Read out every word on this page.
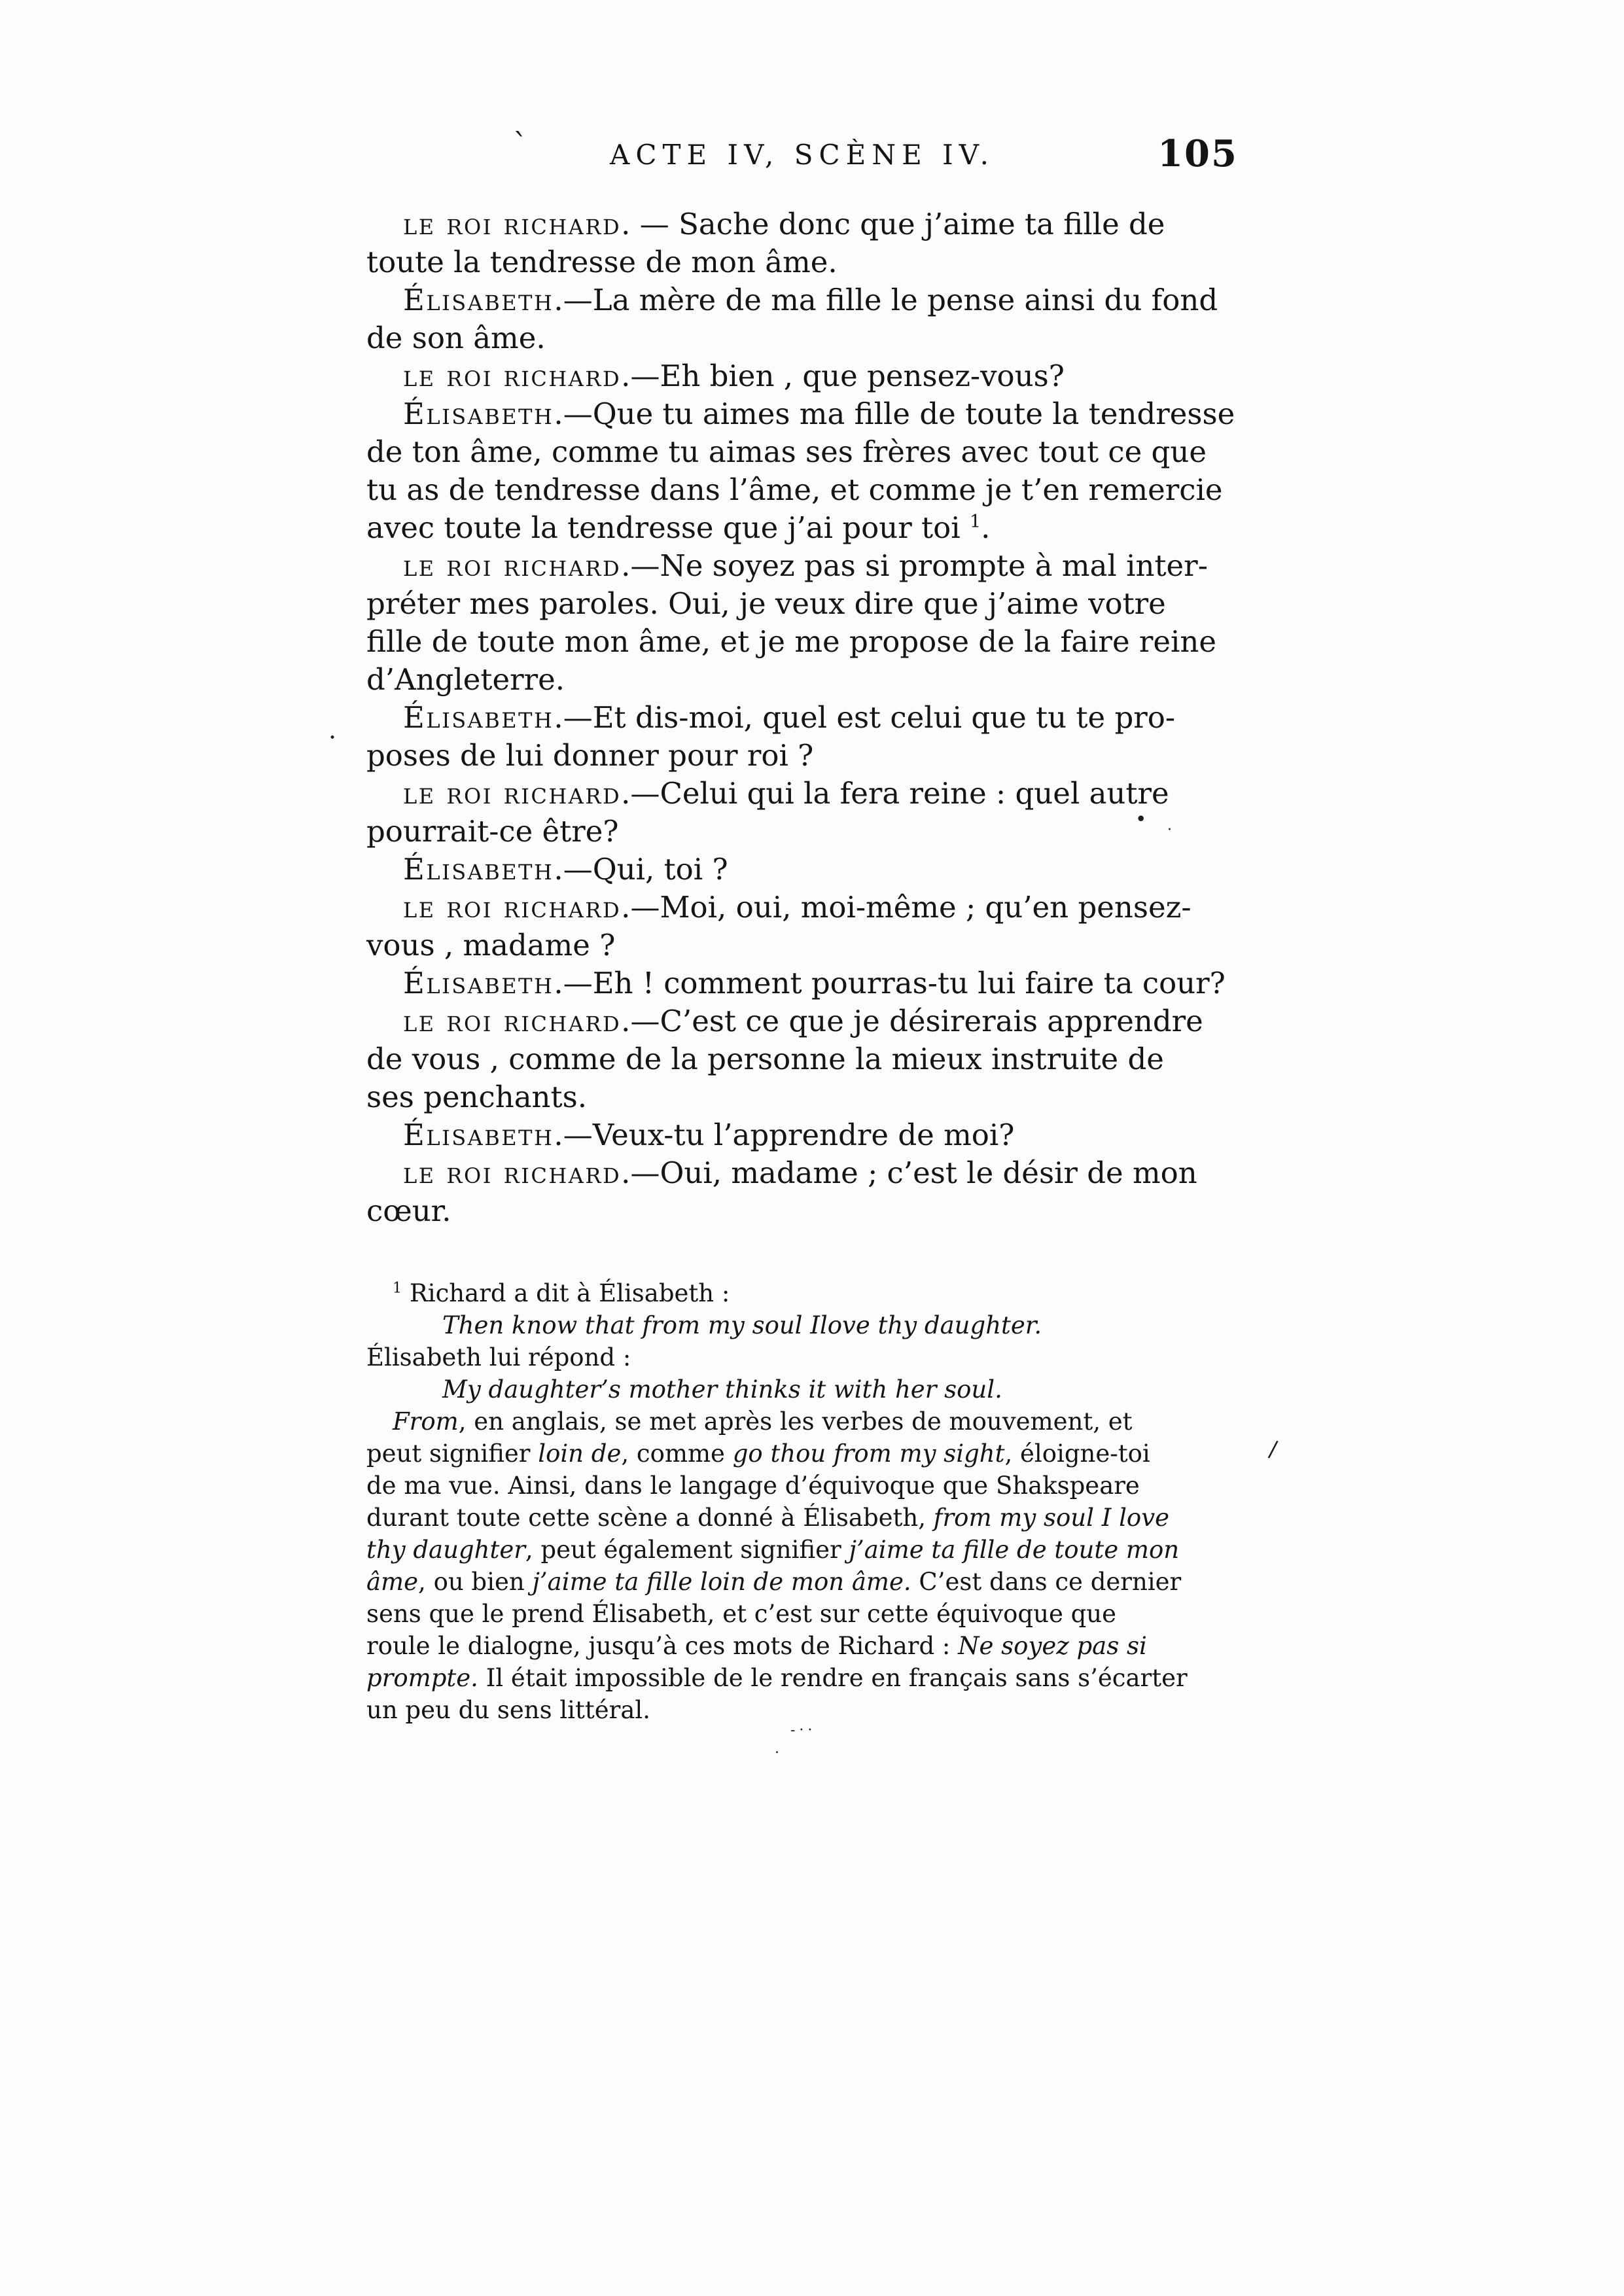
`
·
•
·
∕
-··
.
ACTE IV, SCÈNE IV.	105
le roi richard. — Sache donc que j’aime ta fille de
toute la tendresse de mon âme.
Élisabeth.—La mère de ma fille le pense ainsi du fond
de son âme.
le roi richard.—Eh bien , que pensez-vous?
Élisabeth.—Que tu aimes ma fille de toute la tendresse
de ton âme, comme tu aimas ses frères avec tout ce que
tu as de tendresse dans l’âme, et comme je t’en remercie
avec toute la tendresse que j’ai pour toi $^1$.
le roi richard.—Ne soyez pas si prompte à mal inter-
préter mes paroles. Oui, je veux dire que j’aime votre
fille de toute mon âme, et je me propose de la faire reine
d’Angleterre.
Élisabeth.—Et dis-moi, quel est celui que tu te pro-
poses de lui donner pour roi ?
le roi richard.—Celui qui la fera reine : quel autre
pourrait-ce être?
Élisabeth.—Qui, toi ?
le roi richard.—Moi, oui, moi-même ; qu’en pensez-
vous , madame ?
Élisabeth.—Eh ! comment pourras-tu lui faire ta cour?
le roi richard.—C’est ce que je désirerais apprendre
de vous , comme de la personne la mieux instruite de
ses penchants.
Élisabeth.—Veux-tu l’apprendre de moi?
le roi richard.—Oui, madame ; c’est le désir de mon
cœur.
$^1$ Richard a dit à Élisabeth :
Then know that from my soul Ilove thy daughter.
Élisabeth lui répond :
My daughter’s mother thinks it with her soul.
From, en anglais, se met après les verbes de mouvement, et
peut signifier loin de, comme go thou from my sight, éloigne-toi
de ma vue. Ainsi, dans le langage d’équivoque que Shakspeare
durant toute cette scène a donné à Élisabeth, from my soul I love
thy daughter, peut également signifier j’aime ta fille de toute mon
âme, ou bien j’aime ta fille loin de mon âme. C’est dans ce dernier
sens que le prend Élisabeth, et c’est sur cette équivoque que
roule le dialogne, jusqu’à ces mots de Richard : Ne soyez pas si
prompte. Il était impossible de le rendre en français sans s’écarter
un peu du sens littéral.
